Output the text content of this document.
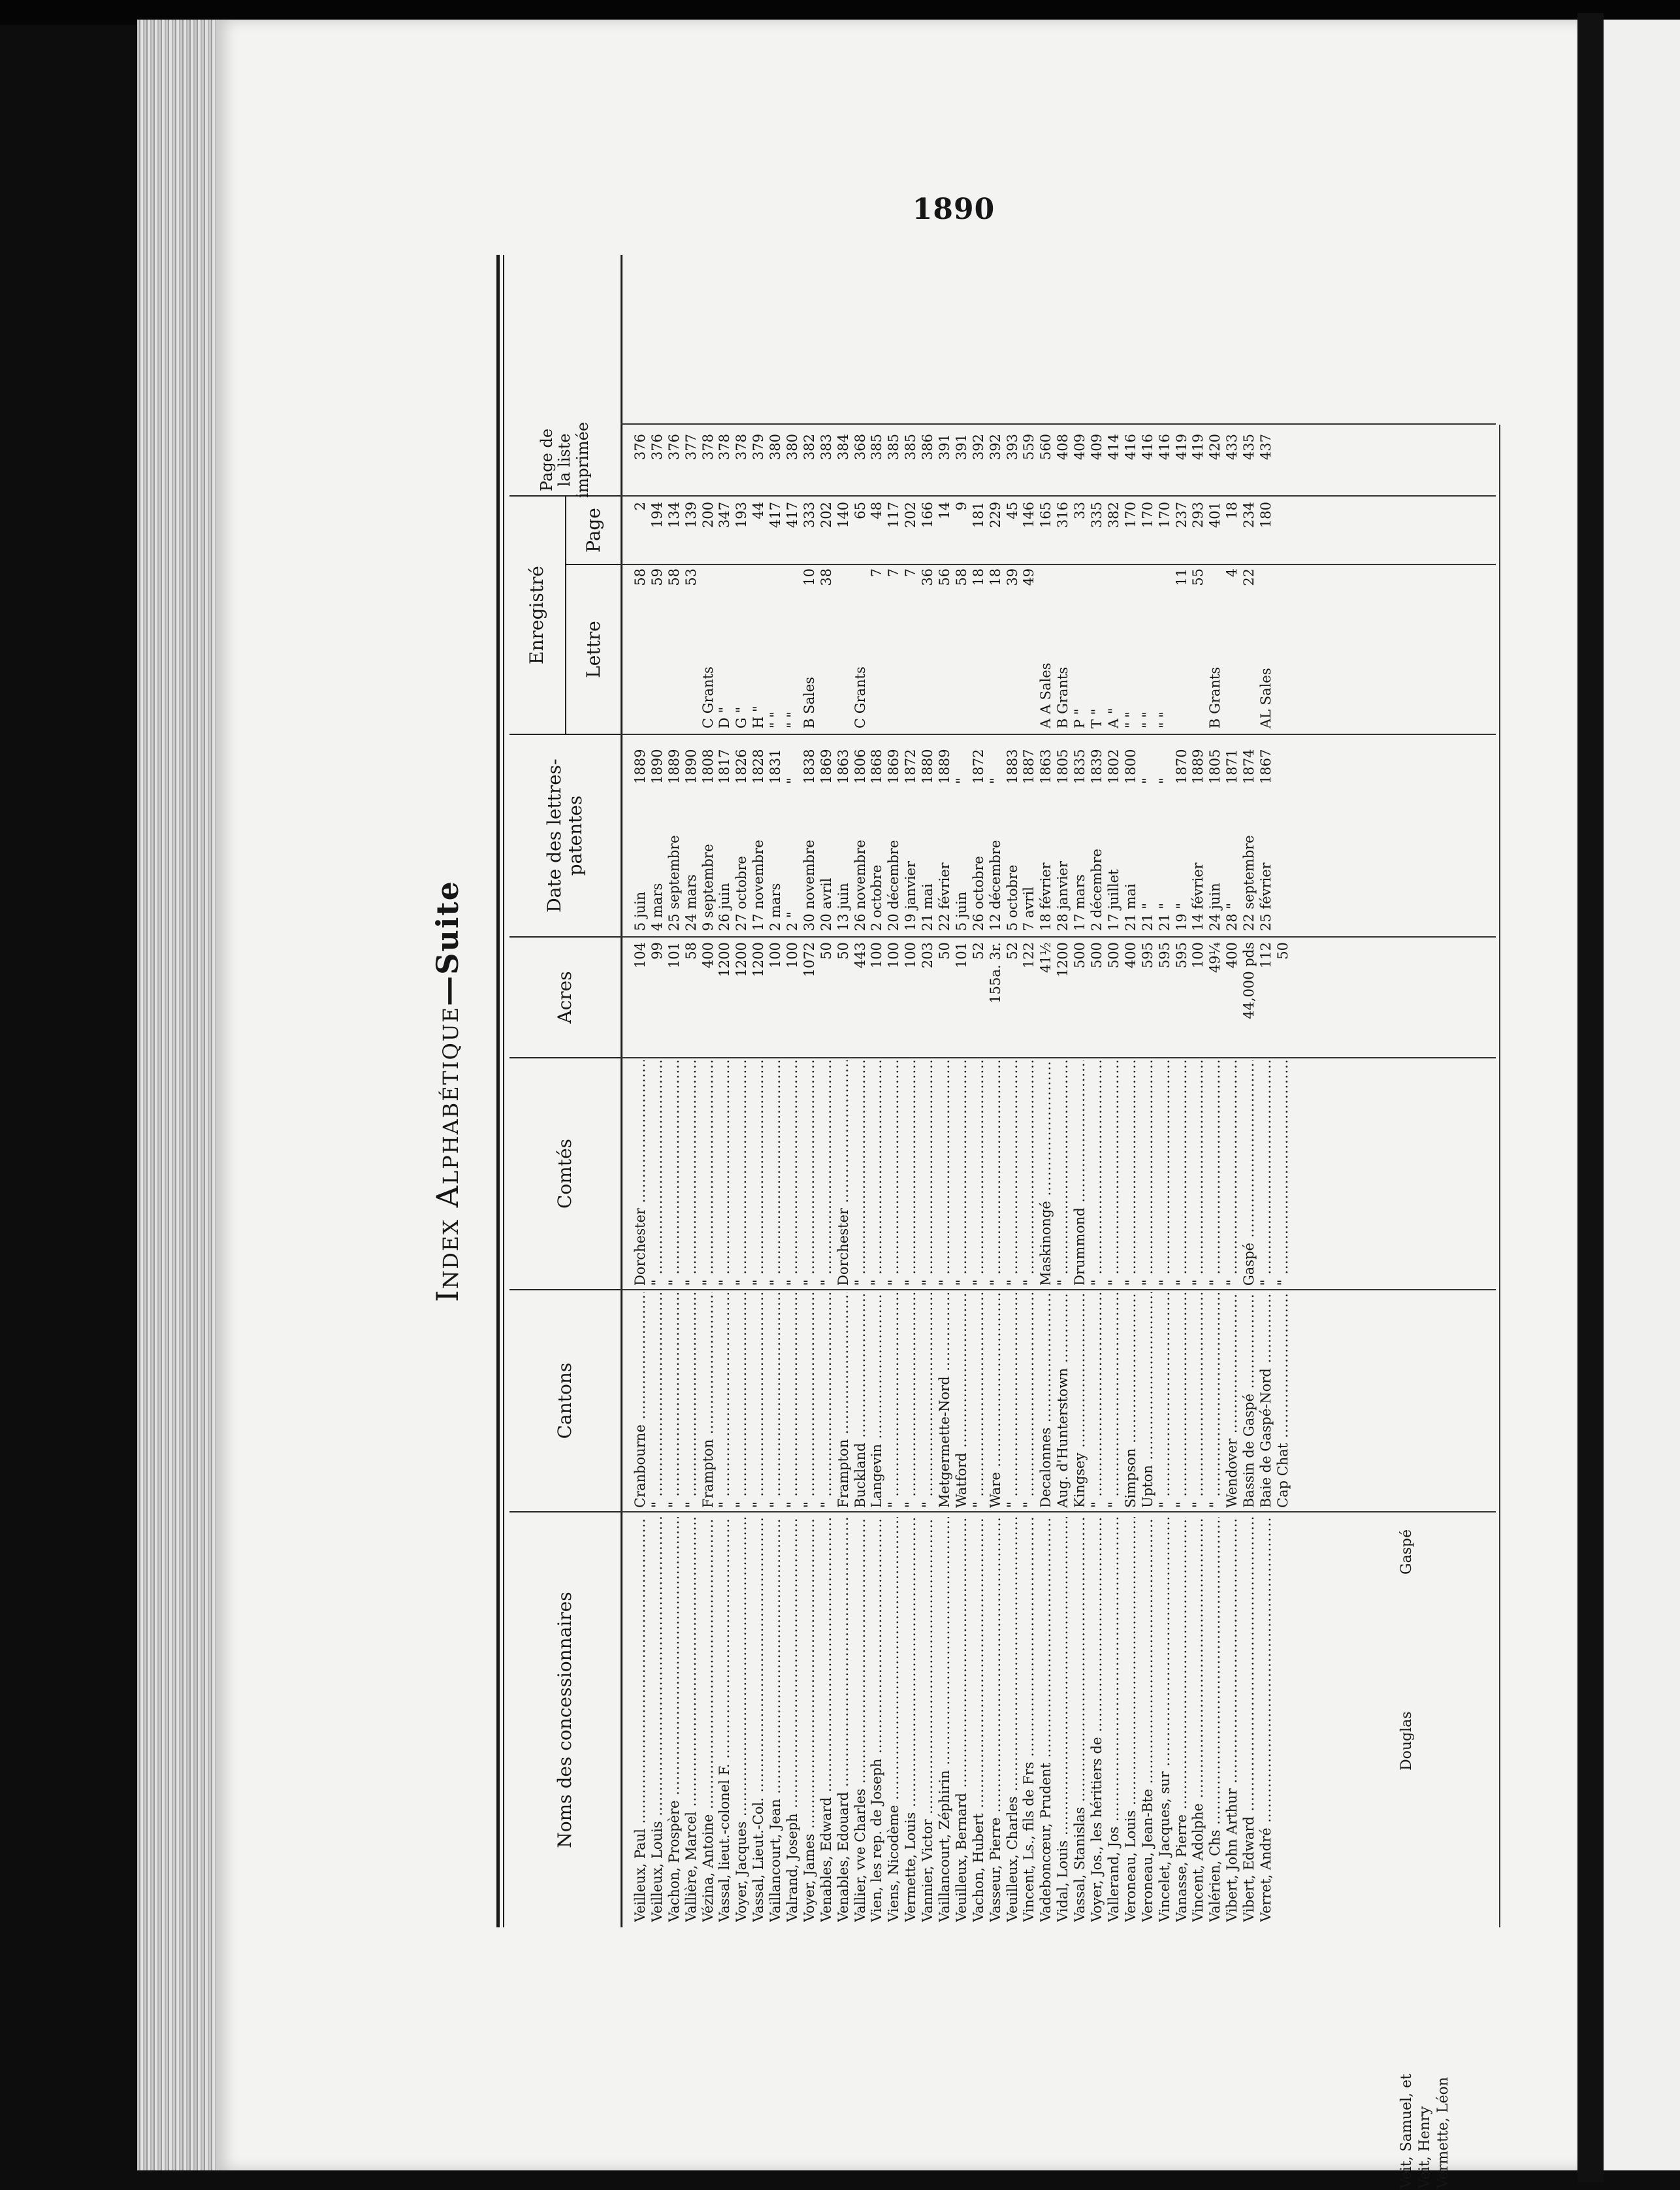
1890
Index Alphabétique—Suite
Noms des concessionnaires
Cantons
Comtés
Acres
Date des lettres-patentes
Enregistré	Lettre
Page
Page de la liste imprimée
Veilleux, Paul .....
Cranbourne .....
Dorchester .....
104
5 juin
1889
58
2
376
Veilleux, Louis .....
" .....
" .....
99
4 mars
1890
59
194
376
Vachon, Prospère .....
" .....
" .....
101
25 septembre
1889
58
134
376
Vallière, Marcel .....
" .....
" .....
58
24 mars
1890
53
139
377
Vézina, Antoine .....
Frampton .....
" .....
400
9 septembre
1808
C Grants
200
378
Vassal, lieut.-colonel F. .....
" .....
" .....
1200
26 juin
1817
D "
347
378
Voyer, Jacques .....
" .....
" .....
1200
27 octobre
1826
G "
193
378
Vassal, Lieut.-Col. .....
" .....
" .....
1200
17 novembre
1828
H "
44
379
Vaillancourt, Jean .....
" .....
" .....
100
2 mars
1831
" "
417
380
Valrand, Joseph .....
" .....
" .....
100
2 "
"
" "
417
380
Voyer, James .....
" .....
" .....
1072
30 novembre
1838
B Sales
10
333
382
Venables, Edward .....
" .....
" .....
50
20 avril
1869
38
202
383
Venables, Edouard .....
Frampton .....
Dorchester .....
50
13 juin
1863
140
384
Vallier, vve Charles .....
Buckland .....
" .....
443
26 novembre
1806
C Grants
65
368
Vien, les rep. de Joseph .....
Langevin .....
" .....
100
2 octobre
1868
7
48
385
Viens, Nicodème .....
" .....
" .....
100
20 décembre
1869
7
117
385
Vermette, Louis .....
" .....
" .....
100
19 janvier
1872
7
202
385
Vannier, Victor .....
" .....
" .....
203
21 mai
1880
36
166
386
Vaillancourt, Zéphirin .....
Metgermette-Nord .....
" .....
50
22 février
1889
56
14
391
Veuilleux, Bernard .....
Watford .....
" .....
101
5 juin
"
58
9
391
Vachon, Hubert .....
" .....
" .....
52
26 octobre
1872
18
181
392
Vasseur, Pierre .....
Ware .....
" .....
155a. 3r.
12 décembre
"
18
229
392
Veuilleux, Charles .....
" .....
" .....
52
5 octobre
1883
39
45
393
Vincent, Ls., fils de Frs .....
" .....
" .....
122
7 avril
1887
49
146
559
Vadeboncœur, Prudent .....
Decalonnes .....
Maskinongé .....
41½
18 février
1863
A A Sales
165
560
Vidal, Louis .....
Aug. d'Hunterstown .....
" .....
1200
28 janvier
1805
B Grants
316
408
Vassal, Stanislas .....
Kingsey .....
Drummond .....
500
17 mars
1835
P "
33
409
Voyer, Jos., les héritiers de .....
" .....
" .....
500
2 décembre
1839
T "
335
409
Vallerand, Jos .....
" .....
" .....
500
17 juillet
1802
A "
382
414
Veroneau, Louis .....
Simpson .....
" .....
400
21 mai
1800
" "
170
416
Veroneau, Jean-Bte .....
Upton .....
" .....
595
21 "
"
" "
170
416
Vincelet, Jacques, sur .....
" .....
" .....
595
21 "
"
" "
170
416
Vanasse, Pierre .....
" .....
" .....
595
19 "
1870
11
237
419
Vincent, Adolphe .....
" .....
" .....
100
14 février
1889
55
293
419
Valérien, Chs .....
" .....
" .....
49¼
24 juin
1805
B Grants
401
420
Vibert, John Arthur .....
Wendover .....
" .....
400
28 "
1871
4
18
433
Vibert, Edward .....
Bassin de Gaspé .....
Gaspé .....
44,000 pds
22 septembre
1874
22
234
435
Verret, André .....
Baie de Gaspé-Nord .....
" .....
112
25 février
1867
AL Sales
180
437
Cap Chat .....
" .....
50
Veit, Samuel, et Veit, Henry Vermette, Léon
Douglas
Gaspé
